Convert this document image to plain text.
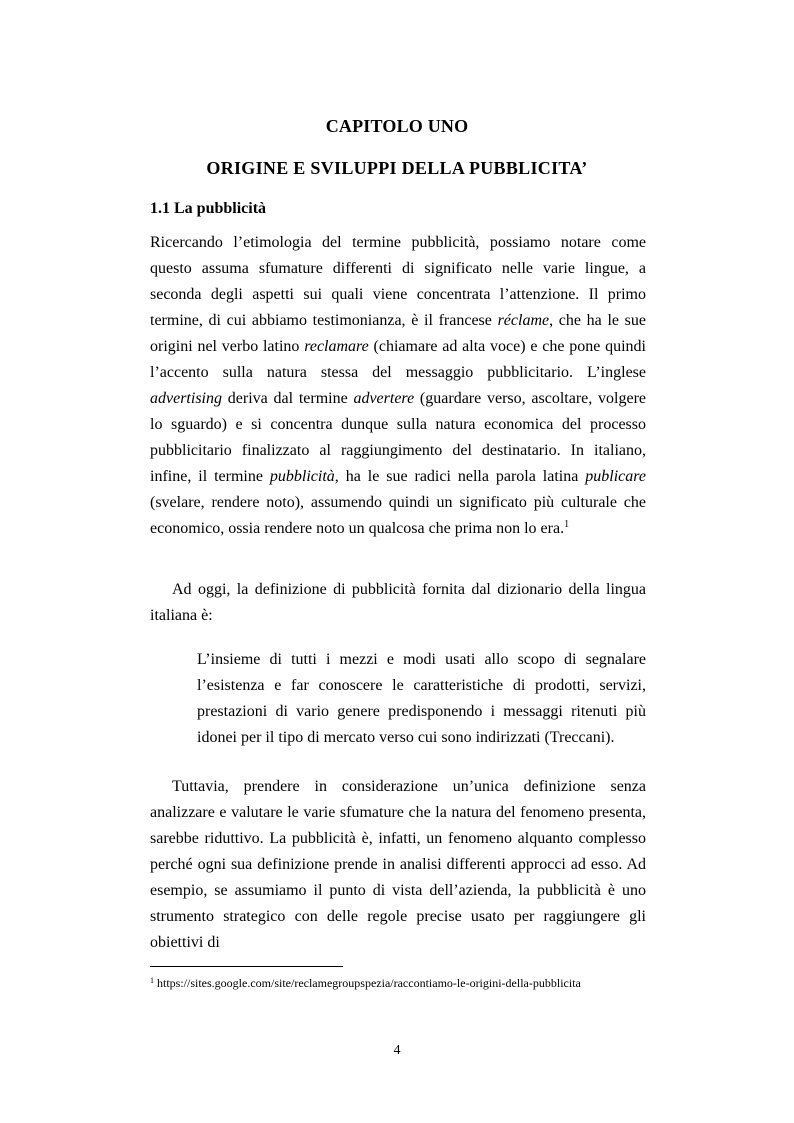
CAPITOLO UNO
ORIGINE E SVILUPPI DELLA PUBBLICITA’
1.1 La pubblicità

Ricercando l’etimologia del termine pubblicità, possiamo notare come questo assuma sfumature differenti di significato nelle varie lingue, a seconda degli aspetti sui quali viene concentrata l’attenzione. Il primo termine, di cui abbiamo testimonianza, è il francese réclame, che ha le sue origini nel verbo latino reclamare (chiamare ad alta voce) e che pone quindi l’accento sulla natura stessa del messaggio pubblicitario. L’inglese advertising deriva dal termine advertere (guardare verso, ascoltare, volgere lo sguardo) e si concentra dunque sulla natura economica del processo pubblicitario finalizzato al raggiungimento del destinatario. In italiano, infine, il termine pubblicità, ha le sue radici nella parola latina publicare (svelare, rendere noto), assumendo quindi un significato più culturale che economico, ossia rendere noto un qualcosa che prima non lo era.$^1$

Ad oggi, la definizione di pubblicità fornita dal dizionario della lingua italiana è:

L’insieme di tutti i mezzi e modi usati allo scopo di segnalare l’esistenza e far conoscere le caratteristiche di prodotti, servizi, prestazioni di vario genere predisponendo i messaggi ritenuti più idonei per il tipo di mercato verso cui sono indirizzati (Treccani).

Tuttavia, prendere in considerazione un’unica definizione senza analizzare e valutare le varie sfumature che la natura del fenomeno presenta, sarebbe riduttivo. La pubblicità è, infatti, un fenomeno alquanto complesso perché ogni sua definizione prende in analisi differenti approcci ad esso. Ad esempio, se assumiamo il punto di vista dell’azienda, la pubblicità è uno strumento strategico con delle regole precise usato per raggiungere gli obiettivi di

$^1$ https://sites.google.com/site/reclamegroupspezia/raccontiamo-le-origini-della-pubblicita

4
